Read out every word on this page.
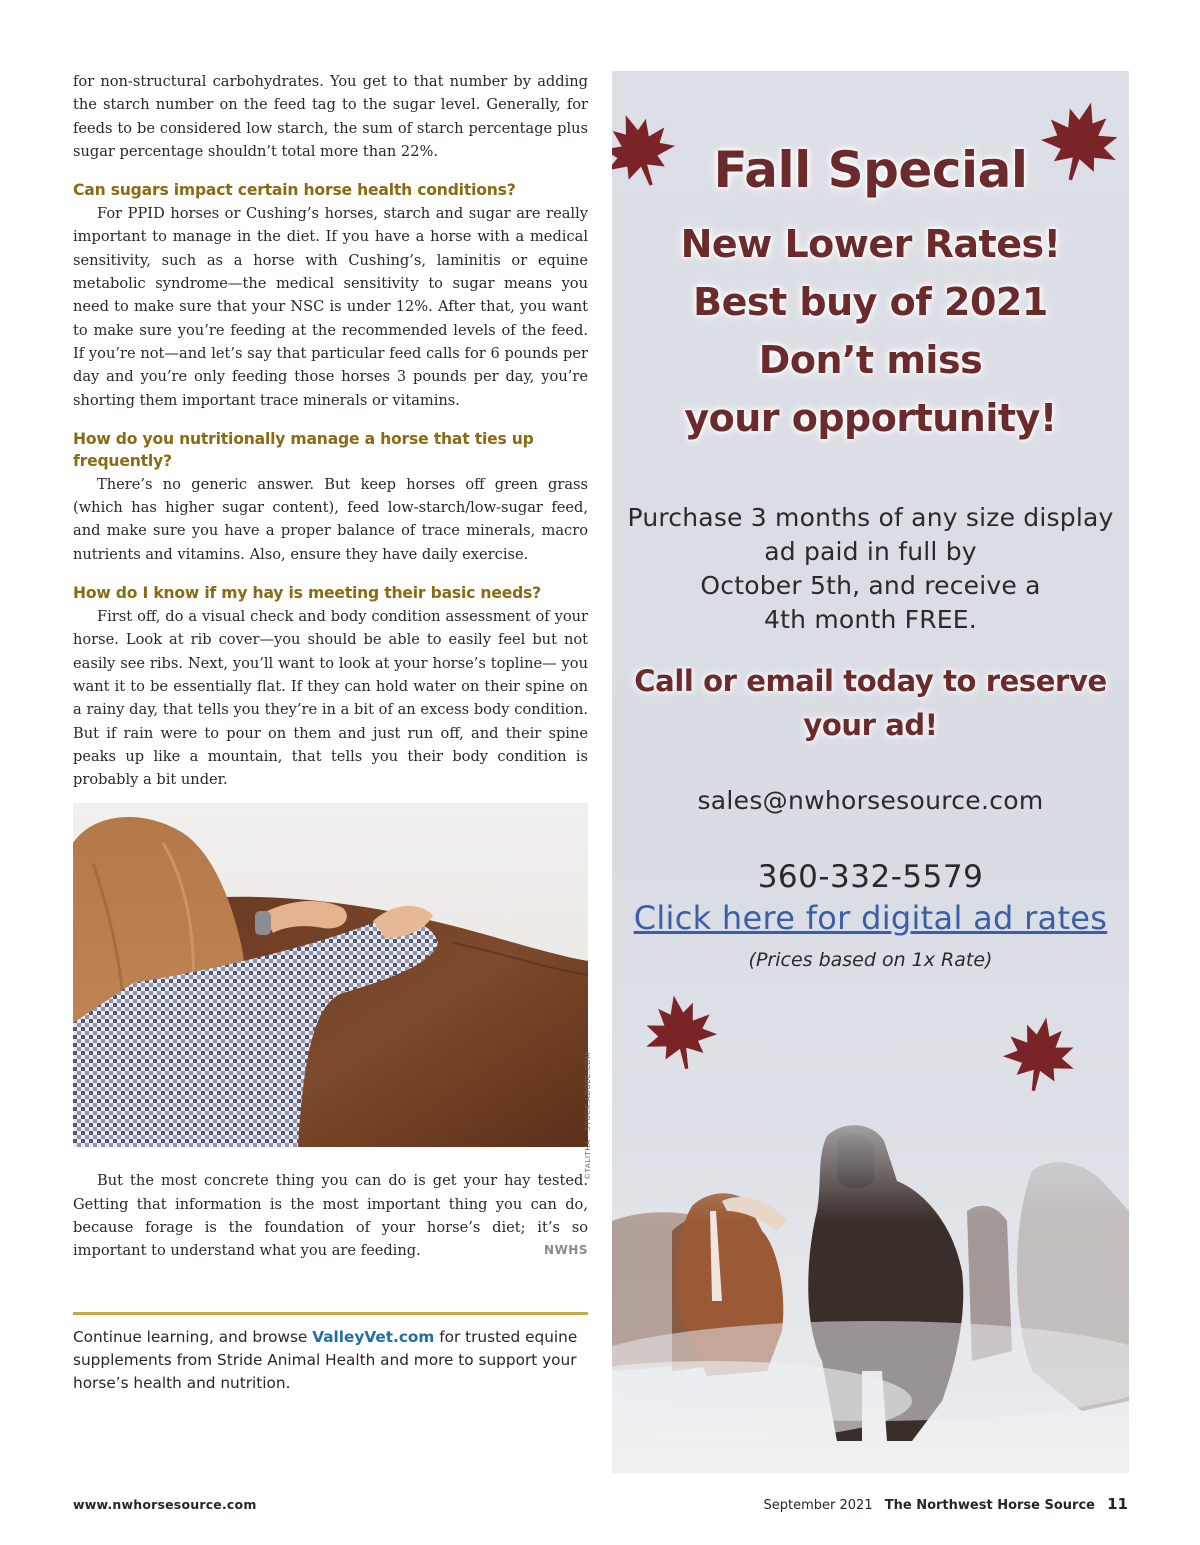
for non-structural carbohydrates. You get to that number by adding the starch number on the feed tag to the sugar level. Generally, for feeds to be considered low starch, the sum of starch percentage plus sugar percentage shouldn’t total more than 22%.

Can sugars impact certain horse health conditions?

For PPID horses or Cushing’s horses, starch and sugar are really important to manage in the diet. If you have a horse with a medical sensitivity, such as a horse with Cushing’s, laminitis or equine metabolic syndrome—the medical sensitivity to sugar means you need to make sure that your NSC is under 12%. After that, you want to make sure you’re feeding at the recommended levels of the feed. If you’re not—and let’s say that particular feed calls for 6 pounds per day and you’re only feeding those horses 3 pounds per day, you’re shorting them important trace minerals or vitamins.

How do you nutritionally manage a horse that ties up frequently?

There’s no generic answer. But keep horses off green grass (which has higher sugar content), feed low-starch/low-sugar feed, and make sure you have a proper balance of trace minerals, macro nutrients and vitamins. Also, ensure they have daily exercise.

How do I know if my hay is meeting their basic needs?

First off, do a visual check and body condition assessment of your horse. Look at rib cover—you should be able to easily feel but not easily see ribs. Next, you’ll want to look at your horse’s topline— you want it to be essentially flat. If they can hold water on their spine on a rainy day, that tells you they’re in a bit of an excess body condition. But if rain were to pour on them and just run off, and their spine peaks up like a mountain, that tells you their body condition is probably a bit under.

But the most concrete thing you can do is get your hay tested. Getting that information is the most important thing you can do, because forage is the foundation of your horse’s diet; it’s so important to understand what you are feeding.	NWHS

©TALITHA - STOCK.ADOBE.COM

Continue learning, and browse ValleyVet.com for trusted equine supplements from Stride Animal Health and more to support your horse’s health and nutrition.

Fall Special
New Lower Rates!
Best buy of 2021
Don’t miss
your opportunity!
Purchase 3 months of any size display
ad paid in full by
October 5th, and receive a
4th month FREE.
Call or email today to reserve
your ad!
sales@nwhorsesource.com
360-332-5579
Click here for digital ad rates
(Prices based on 1x Rate)
www.nwhorsesource.com	September 2021 The Northwest Horse Source 11
